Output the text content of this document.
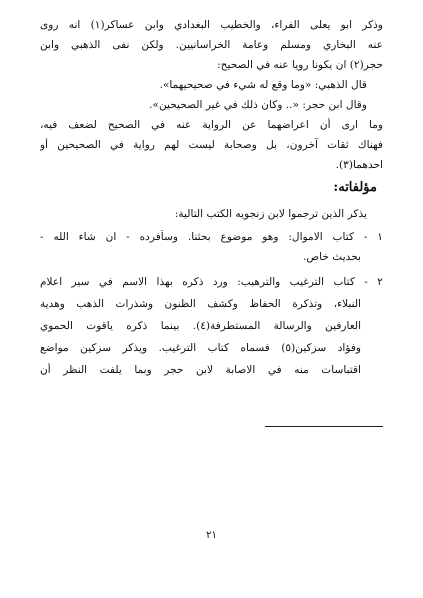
وذكر ابو يعلى الفراء، والخطيب البغدادي وابن عساكر(١) انه روى
عنه البخاري ومسلم وعامة الخراسانيين. ولكن نفى الذهبي وابن
حجر(٢) ان يكونا رويا عنه في الصحيح:
قال الذهبي: «وما وقع له شيء في صحيحيهما».
وقال ابن حجر: «.. وكان ذلك في غير الصحيحين».
وما ارى أن اعراضهما عن الرواية عنه في الصحيح لضعف فيه،
فهناك ثقات آخرون، بل وصحابة ليست لهم رواية في الصحيحين أو
احدهما(٣).
مؤلفاته:
يذكر الذين ترجموا لابن زنجويه الكتب التالية:
١ - كتاب الاموال: وهو موضوع بحثنا. وسأفرده - ان شاء الله -
بحديث خاص.
٢ - كتاب الترغيب والترهيب: ورد ذكره بهذا الاسم في سير اعلام
النبلاء، وتذكرة الحفاظ وكشف الظنون وشذرات الذهب وهدية
العارفين والرسالة المستطرفة(٤). بينما ذكره ياقوت الحموي
وفؤاد سزكين(٥) فسماه كتاب الترغيب. ويذكر سزكين مواضع
اقتباسات منه في الاصابة لابن حجر وبما يلفت النظر أن
٢١
